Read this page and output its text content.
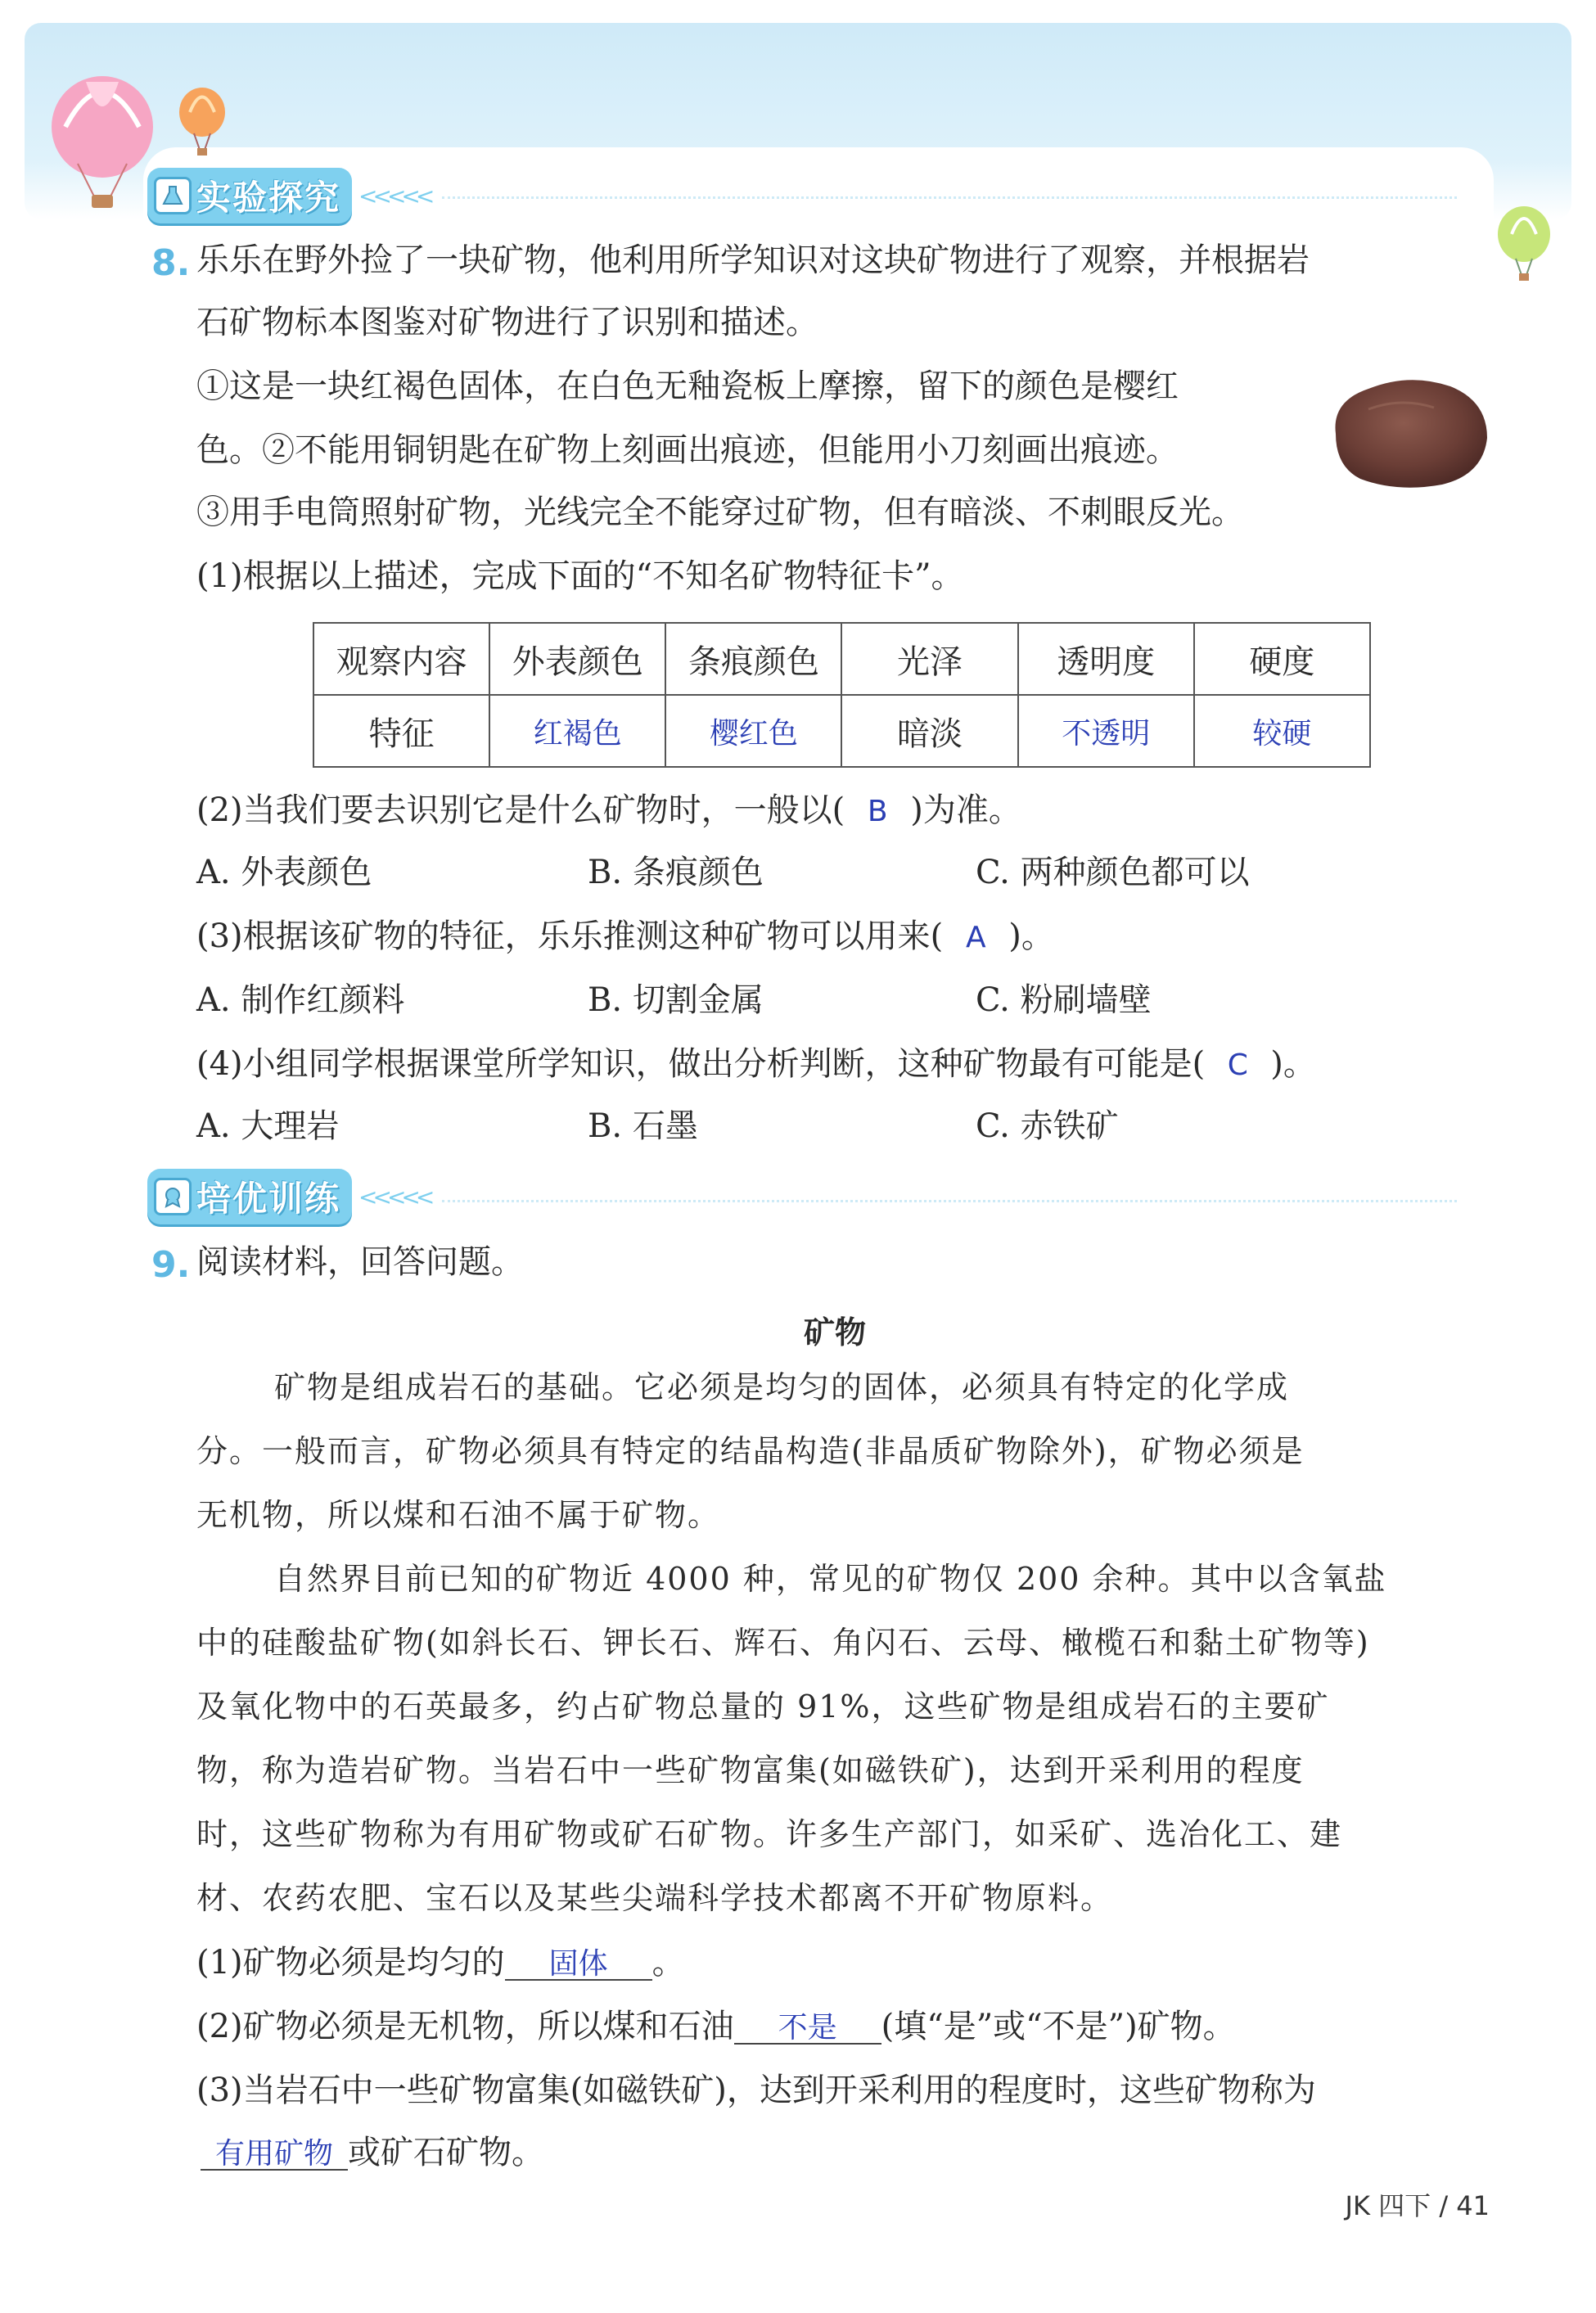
实验探究 <<<<<
8. 乐乐在野外捡了一块矿物，他利用所学知识对这块矿物进行了观察，并根据岩
石矿物标本图鉴对矿物进行了识别和描述。
①这是一块红褐色固体，在白色无釉瓷板上摩擦，留下的颜色是樱红
色。②不能用铜钥匙在矿物上刻画出痕迹，但能用小刀刻画出痕迹。
③用手电筒照射矿物，光线完全不能穿过矿物，但有暗淡、不刺眼反光。
(1)根据以上描述，完成下面的“不知名矿物特征卡”。
观察内容	外表颜色	条痕颜色	光泽	透明度	硬度
特征	红褐色	樱红色	暗淡	不透明	较硬
(2)当我们要去识别它是什么矿物时，一般以( B )为准。
A. 外表颜色	B. 条痕颜色	C. 两种颜色都可以
(3)根据该矿物的特征，乐乐推测这种矿物可以用来( A )。
A. 制作红颜料	B. 切割金属	C. 粉刷墙壁
(4)小组同学根据课堂所学知识，做出分析判断，这种矿物最有可能是( C )。
A. 大理岩	B. 石墨	C. 赤铁矿
培优训练 <<<<<
9. 阅读材料，回答问题。
矿物
矿物是组成岩石的基础。它必须是均匀的固体，必须具有特定的化学成
分。一般而言，矿物必须具有特定的结晶构造(非晶质矿物除外)，矿物必须是
无机物，所以煤和石油不属于矿物。
自然界目前已知的矿物近 4000 种，常见的矿物仅 200 余种。其中以含氧盐
中的硅酸盐矿物(如斜长石、钾长石、辉石、角闪石、云母、橄榄石和黏土矿物等)
及氧化物中的石英最多，约占矿物总量的 91%，这些矿物是组成岩石的主要矿
物，称为造岩矿物。当岩石中一些矿物富集(如磁铁矿)，达到开采利用的程度
时，这些矿物称为有用矿物或矿石矿物。许多生产部门，如采矿、选冶化工、建
材、农药农肥、宝石以及某些尖端科学技术都离不开矿物原料。
(1)矿物必须是均匀的 固体 。
(2)矿物必须是无机物，所以煤和石油 不是 (填“是”或“不是”)矿物。
(3)当岩石中一些矿物富集(如磁铁矿)，达到开采利用的程度时，这些矿物称为
有用矿物 或矿石矿物。
JK 四下 / 41
